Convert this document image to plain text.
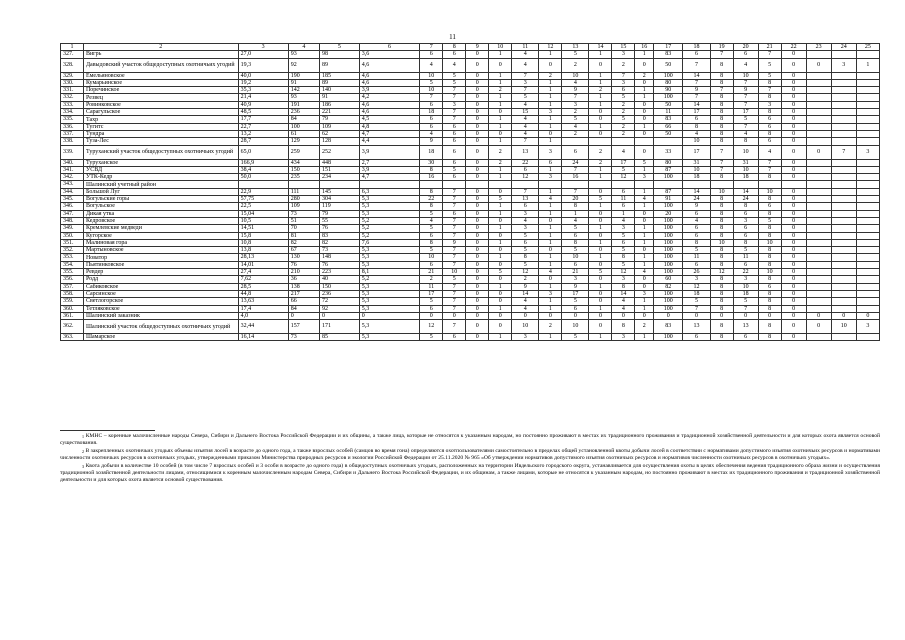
11
1	2	3	4	5	6	7	8	9	10	11	12	13	14	15	16	17	18	19	20	21	22	23	24	25
327.	Вигрь	27,0	93	98	3,6	6	6	0	1	4	1	5	1	3	1	83	6	7	6	7	0			
328.	Давыдовский участок общедоступных охотничьих угодий	19,3	92	89	4,6	4	4	0	0	4	0	2	0	2	0	50	7	8	4	5	0	0	3	1
329.	Емельяновское	40,0	190	185	4,6	10	5	0	1	7	2	10	1	7	2	100	14	8	10	5	0			
330.	Кумарьинское	19,2	91	89	4,6	5	5	0	1	3	1	4	1	3	0	80	7	8	7	8	0			
331.	Поречинское	35,3	142	140	3,9	10	7	0	2	7	1	9	2	6	1	90	9	7	9	7	0			
332.	Резвец	21,4	93	91	4,2	7	7	0	1	5	1	7	1	5	1	100	7	8	7	8	0			
333.	Ровинковское	40,9	191	186	4,6	6	3	0	1	4	1	3	1	2	0	50	14	8	7	3	0			
334.	Сарагульское	48,5	236	221	4,6	18	7	0	0	15	3	2	0	2	0	11	17	8	17	8	0			
335.	Тахр	17,7	84	79	4,5	6	7	0	1	4	1	5	0	5	0	83	6	8	5	6	0			
336.	Тугитс	22,7	100	109	4,8	6	6	0	1	4	1	4	1	2	1	66	8	8	7	6	0			
337.	Тундра	13,2	61	62	4,7	4	6	0	0	4	0	2	0	2	0	50	4	8	4	8	0			
338.	Туза-Лес	28,7	129	128	4,4	9	6	0	1	7	1						10	8	8	6	0			
339.	Туруханский участок общедоступных охотничьих угодий	65,0	259	252	3,9	18	6	0	2	13	3	6	2	4	0	33	17	7	10	4	0	0	7	3
340.	Туруханское	166,9	434	448	2,7	30	6	0	2	22	6	24	2	17	5	80	31	7	31	7	0			
341.	УСВД	38,4	150	151	3,9	8	5	0	1	6	1	7	1	5	1	87	10	7	10	7	0			
342.	УТК-Кедр	50,0	235	234	4,7	16	6	0	1	12	3	16	1	12	3	100	18	8	18	8	0			
343.	Шалинский учетный район																							
344.	Большой Луг	22,9	111	145	6,3	8	7	0	0	7	1	7	0	6	1	87	14	10	14	10	0			
345.	Вогульские горы	57,75	280	304	5,3	22	7	0	5	13	4	20	5	11	4	91	24	8	24	8	0			
346.	Вогульское	22,5	109	119	5,3	8	7	0	1	6	1	8	1	6	1	100	9	8	8	6	0			
347.	Дикая утка	15,04	73	79	5,3	5	6	0	1	3	1	1	0	1	0	20	6	8	6	8	0			
348.	Кедровское	10,5	51	55	5,2	4	7	0	0	4	0	4	0	4	0	100	4	8	3	5	0			
349.	Кремлевские медведи	14,51	70	76	5,2	5	7	0	1	3	1	5	1	3	1	100	6	8	6	8	0			
350.	Кугорское	15,8	81	83	5,2	6	7	0	0	5	1	6	0	5	1	100	6	8	6	8	0			
351.	Малиновая гора	10,8	82	82	7,6	8	9	0	1	6	1	8	1	6	1	100	8	10	8	10	0			
352.	Мартыновское	13,8	67	73	5,3	5	7	0	0	5	0	5	0	5	0	100	5	8	5	8	0			
353.	Новатор	28,13	130	148	5,3	10	7	0	1	8	1	10	1	8	1	100	11	8	11	8	0			
354.	Пьятинковское	14,01	76	76	5,3	6	7	0	0	5	1	6	0	5	1	100	6	8	6	8	0			
355.	Ревдер	27,4	210	223	8,1	21	10	0	5	12	4	21	5	12	4	100	26	12	22	10	0			
356.	Родд	7,62	36	40	5,2	2	5	0	0	2	0	3	0	3	0	60	3	8	3	8	0			
357.	Сабиковское	28,5	138	150	5,3	11	7	0	1	9	1	9	1	8	0	82	12	8	10	6	0			
358.	Сарсинское	44,8	217	236	5,3	17	7	0	0	14	3	17	0	14	3	100	18	8	18	8	0			
359.	Светлогорское	13,63	66	72	5,3	5	7	0	0	4	1	5	0	4	1	100	5	8	5	8	0			
360.	Тетляковское	17,4	84	92	5,3	6	7	0	1	4	1	6	1	4	1	100	7	8	7	8	0			
361.	Шалинский заказник	4,0	0	0	0	0	0	0	0	0	0	0	0	0	0	0	0	0	0	0	0	0	0	0
362.	Шалинский участок общедоступных охотничьих угодий	32,44	157	171	5,3	12	7	0	0	10	2	10	0	8	2	83	13	8	13	8	0	0	10	3
363.	Шамарское	16,14	73	85	5,3	5	6	0	1	3	1	5	1	3	1	100	6	8	6	8	0			

$^1$ КМНС – коренные малочисленные народы Севера, Сибири и Дальнего Востока Российской Федерации и их общины, а также лица, которые не относятся к указанным народам, но постоянно проживают в местах их традиционного проживания и традиционной хозяйственной деятельности и для которых охота является основой существования.

$^2$ В закрепленных охотничьих угодьях объемы изъятия лосей в возрасте до одного года, а также взрослых особей (самцов во время гона) определяются охотпользователями самостоятельно в пределах общей установленной квоты добычи лосей в соответствии с нормативами допустимого изъятия охотничьих ресурсов и нормативами численности охотничьих ресурсов в охотничьих угодьях, утвержденными приказом Министерства природных ресурсов и экологии Российской Федерации от 25.11.2020 № 965 «Об утверждении нормативов допустимого изъятия охотничьих ресурсов и нормативов численности охотничьих ресурсов в охотничьих угодьях».

$^3$ Квота добычи в количестве 10 особей (в том числе 7 взрослых особей и 3 особи в возрасте до одного года) в общедоступных охотничьих угодьях, расположенных на территории Ивдельского городского округа, устанавливается для осуществления охоты в целях обеспечения ведения традиционного образа жизни и осуществления традиционной хозяйственной деятельности лицами, относящимися к коренным малочисленным народам Севера, Сибири и Дальнего Востока Российской Федерации, и их общинам, а также лицами, которые не относятся к указанным народам, но постоянно проживают в местах их традиционного проживания и традиционной хозяйственной деятельности и для которых охота является основой существования.
